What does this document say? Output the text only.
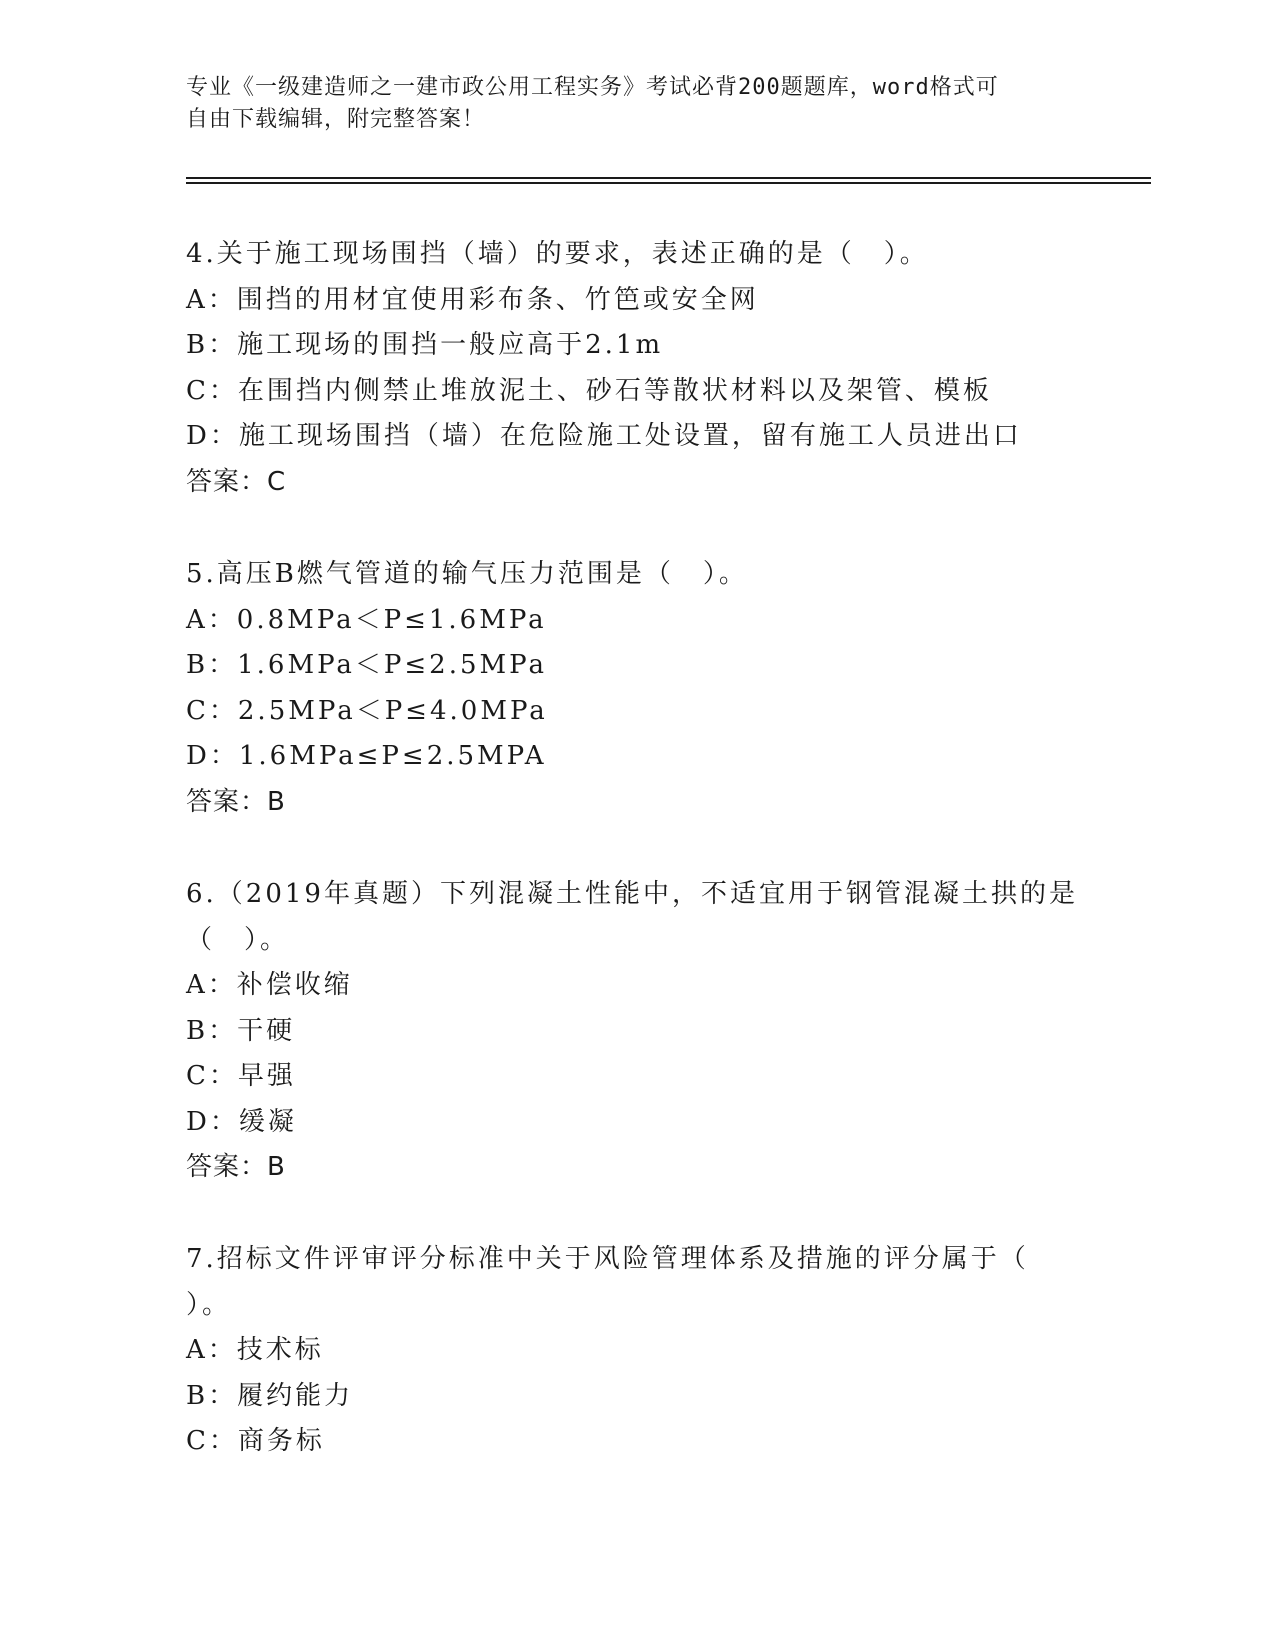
专业《一级建造师之一建市政公用工程实务》考试必背200题题库，word格式可
自由下载编辑，附完整答案！
4.关于施工现场围挡（墙）的要求，表述正确的是（　）。
A：围挡的用材宜使用彩布条、竹笆或安全网
B：施工现场的围挡一般应高于2.1m
C：在围挡内侧禁止堆放泥土、砂石等散状材料以及架管、模板
D：施工现场围挡（墙）在危险施工处设置，留有施工人员进出口
答案：C
5.高压B燃气管道的输气压力范围是（　）。
A：0.8MPa＜P≤1.6MPa
B：1.6MPa＜P≤2.5MPa
C：2.5MPa＜P≤4.0MPa
D：1.6MPa≤P≤2.5MPA
答案：B
6.（2019年真题）下列混凝土性能中，不适宜用于钢管混凝土拱的是
（　）。
A：补偿收缩
B：干硬
C：早强
D：缓凝
答案：B
7.招标文件评审评分标准中关于风险管理体系及措施的评分属于（
）。
A：技术标
B：履约能力
C：商务标
